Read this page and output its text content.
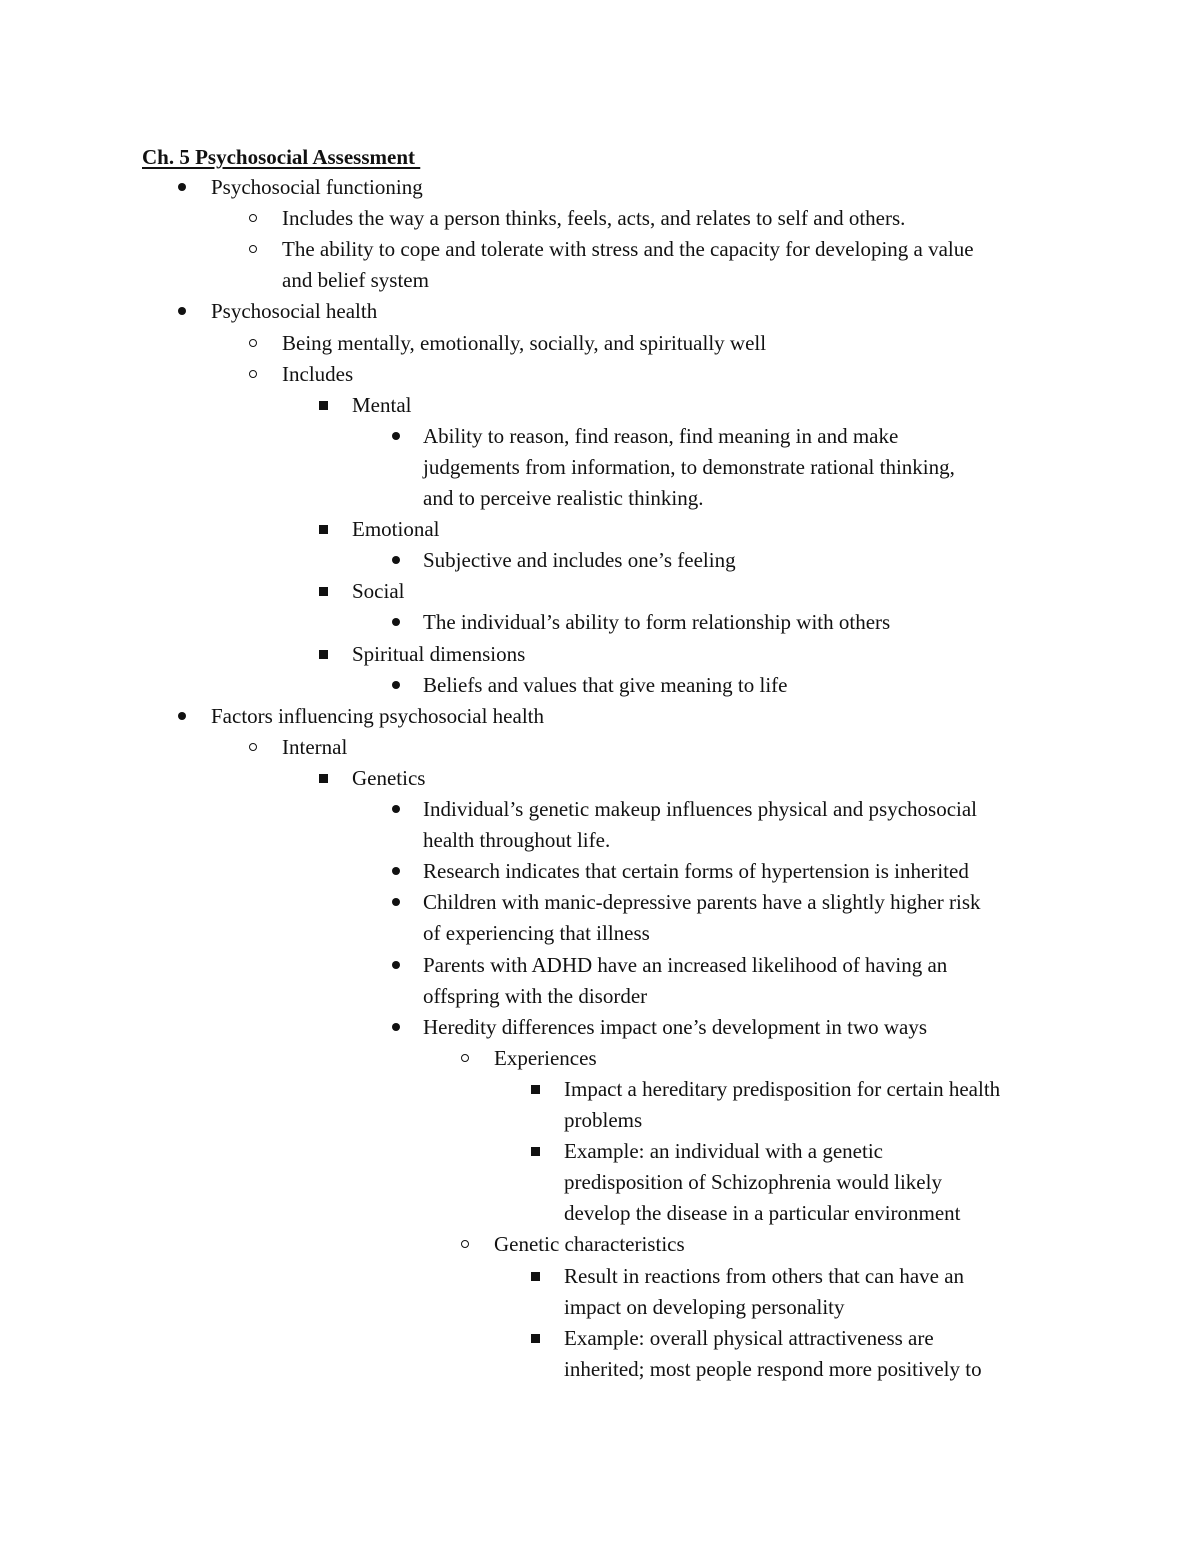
Ch. 5 Psychosocial Assessment
Psychosocial functioning
Includes the way a person thinks, feels, acts, and relates to self and others.
The ability to cope and tolerate with stress and the capacity for developing a value
and belief system
Psychosocial health
Being mentally, emotionally, socially, and spiritually well
Includes
Mental
Ability to reason, find reason, find meaning in and make
judgements from information, to demonstrate rational thinking,
and to perceive realistic thinking.
Emotional
Subjective and includes one’s feeling
Social
The individual’s ability to form relationship with others
Spiritual dimensions
Beliefs and values that give meaning to life
Factors influencing psychosocial health
Internal
Genetics
Individual’s genetic makeup influences physical and psychosocial
health throughout life.
Research indicates that certain forms of hypertension is inherited
Children with manic-depressive parents have a slightly higher risk
of experiencing that illness
Parents with ADHD have an increased likelihood of having an
offspring with the disorder
Heredity differences impact one’s development in two ways
Experiences
Impact a hereditary predisposition for certain health
problems
Example: an individual with a genetic
predisposition of Schizophrenia would likely
develop the disease in a particular environment
Genetic characteristics
Result in reactions from others that can have an
impact on developing personality
Example: overall physical attractiveness are
inherited; most people respond more positively to
